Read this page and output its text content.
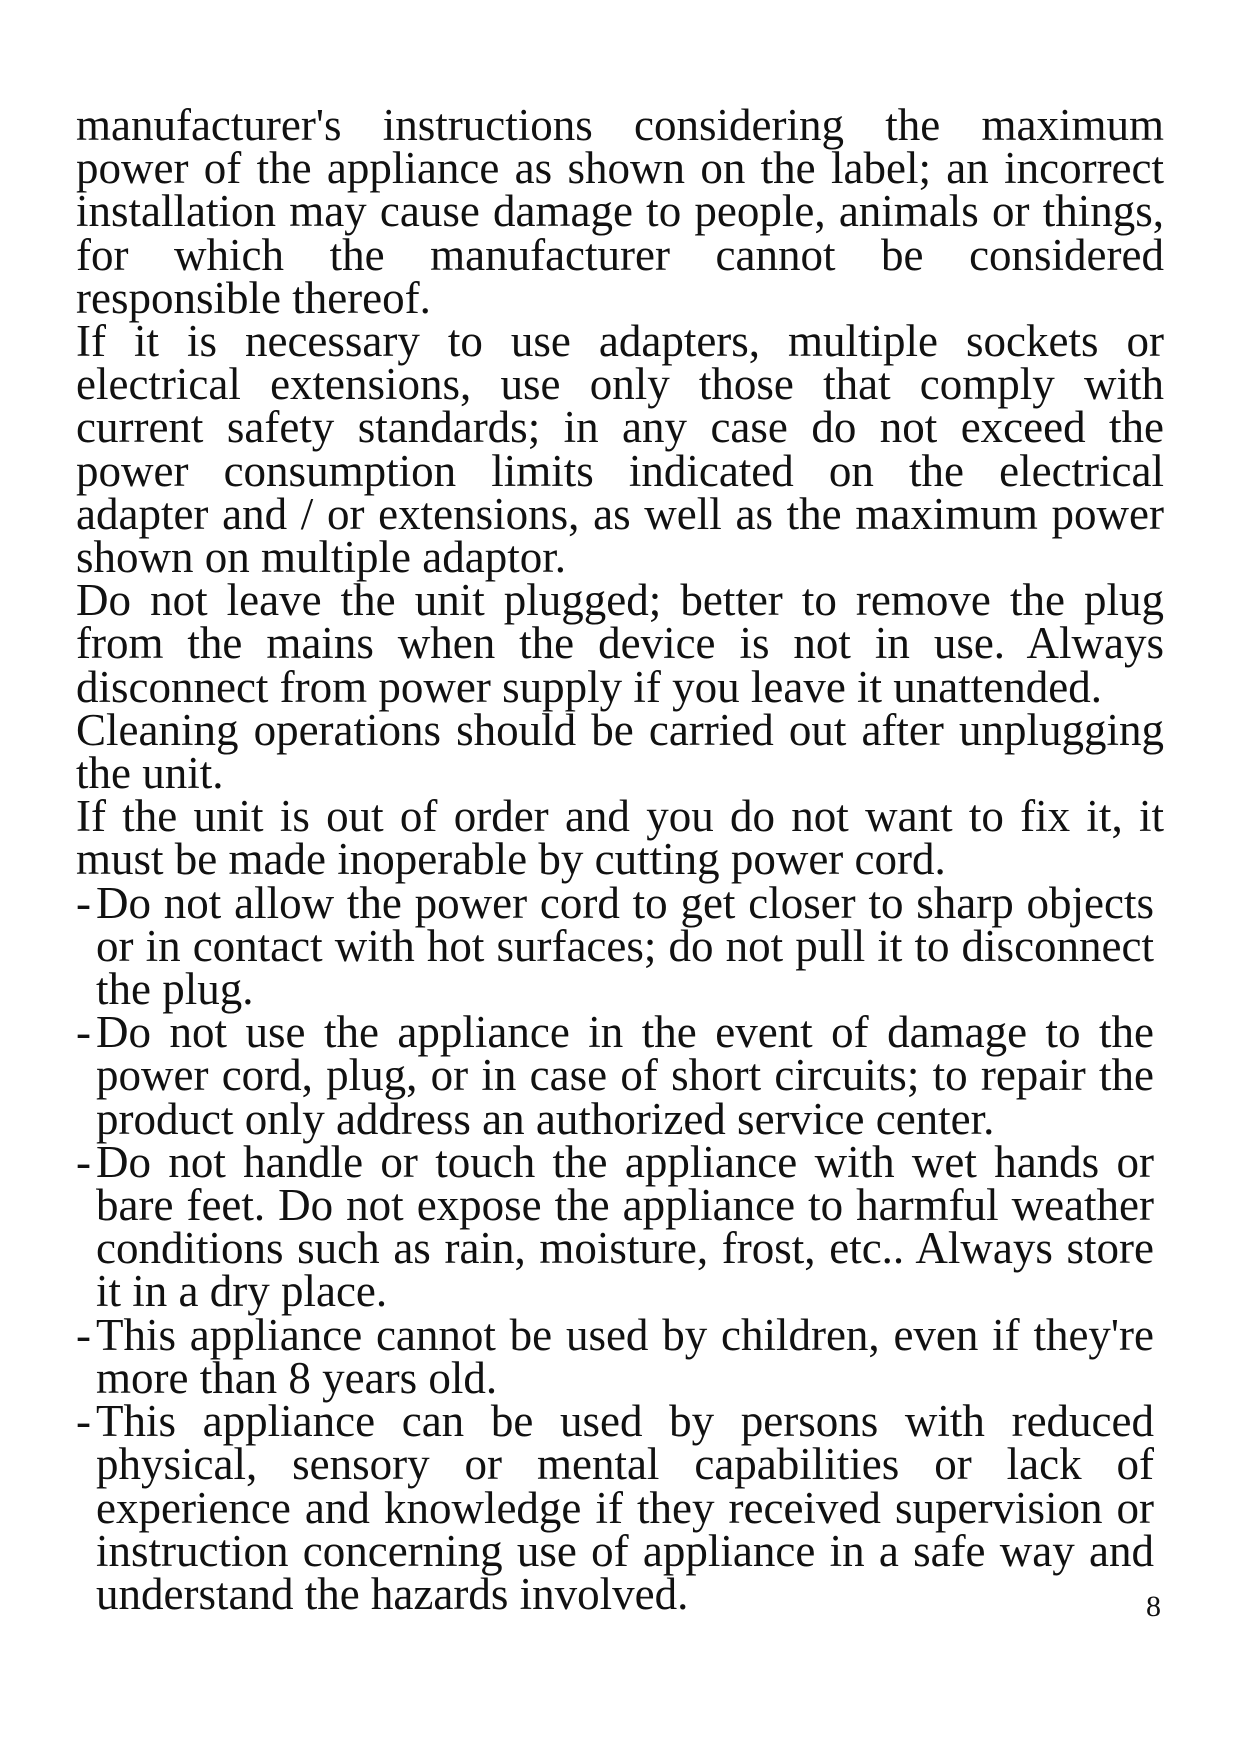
manufacturer's instructions considering the maximum power of the appliance as shown on the label; an incorrect installation may cause damage to people, animals or things, for which the manufacturer cannot be considered responsible thereof.

If it is necessary to use adapters, multiple sockets or electrical extensions, use only those that comply with current safety standards; in any case do not exceed the power consumption limits indicated on the electrical adapter and / or extensions, as well as the maximum power shown on multiple adaptor.

Do not leave the unit plugged; better to remove the plug from the mains when the device is not in use. Always disconnect from power supply if you leave it unattended.

Cleaning operations should be carried out after unplugging the unit.

If the unit is out of order and you do not want to fix it, it must be made inoperable by cutting power cord.

- Do not allow the power cord to get closer to sharp objects or in contact with hot surfaces; do not pull it to disconnect the plug.
- Do not use the appliance in the event of damage to the power cord, plug, or in case of short circuits; to repair the product only address an authorized service center.
- Do not handle or touch the appliance with wet hands or bare feet. Do not expose the appliance to harmful weather conditions such as rain, moisture, frost, etc.. Always store it in a dry place.
- This appliance cannot be used by children, even if they're more than 8 years old.
- This appliance can be used by persons with reduced physical, sensory or mental capabilities or lack of experience and knowledge if they received supervision or instruction concerning use of appliance in a safe way and understand the hazards involved.	8
